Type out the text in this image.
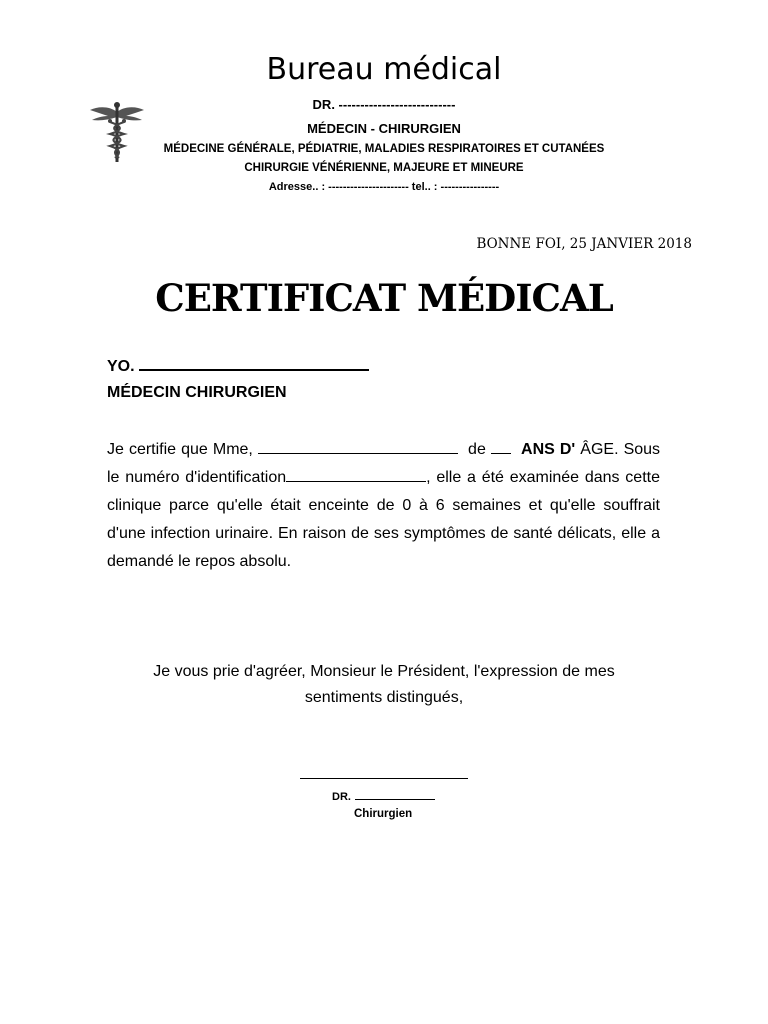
Bureau médical
DR. ---------------------------
MÉDECIN - CHIRURGIEN
MÉDECINE GÉNÉRALE, PÉDIATRIE, MALADIES RESPIRATOIRES ET CUTANÉES
CHIRURGIE VÉNÉRIENNE, MAJEURE ET MINEURE
Adresse.. : ---------------------- tel.. : ----------------
BONNE FOI, 25 JANVIER 2018
CERTIFICAT MÉDICAL
YO.
MÉDECIN CHIRURGIEN
Je certifie que Mme,	de ANS D' ÂGE. Sous le numéro d'identification	, elle a été examinée dans cette clinique parce qu'elle était enceinte de 0 à 6 semaines et qu'elle souffrait d'une infection urinaire. En raison de ses symptômes de santé délicats, elle a demandé le repos absolu.
Je vous prie d'agréer, Monsieur le Président, l'expression de mes
sentiments distingués,
DR.
Chirurgien
